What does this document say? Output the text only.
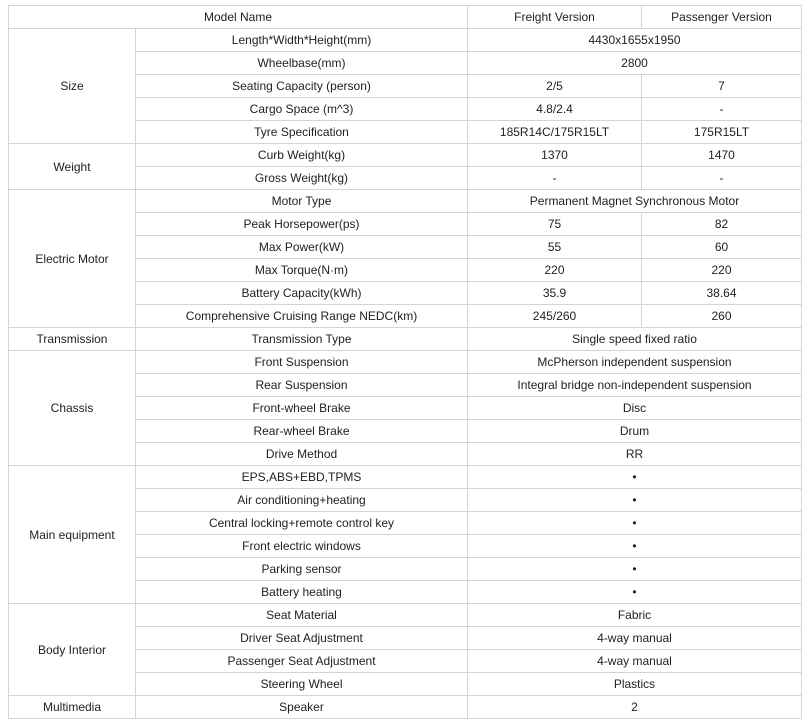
Model Name		Freight Version	Passenger Version
Size	Length*Width*Height(mm)	4430x1655x1950	
	Wheelbase(mm)	2800	
	Seating Capacity (person)	2/5	7
	Cargo Space (m^3)	4.8/2.4	-
	Tyre Specification	185R14C/175R15LT	175R15LT
Weight	Curb Weight(kg)	1370	1470
	Gross Weight(kg)	-	-
Electric Motor	Motor Type	Permanent Magnet Synchronous Motor	
	Peak Horsepower(ps)	75	82
	Max Power(kW)	55	60
	Max Torque(N·m)	220	220
	Battery Capacity(kWh)	35.9	38.64
	Comprehensive Cruising Range NEDC(km)	245/260	260
Transmission	Transmission Type	Single speed fixed ratio	
Chassis	Front Suspension	McPherson independent suspension	
	Rear Suspension	Integral bridge non-independent suspension	
	Front-wheel Brake	Disc	
	Rear-wheel Brake	Drum	
	Drive Method	RR	
Main equipment	EPS,ABS+EBD,TPMS	•	
	Air conditioning+heating	•	
	Central locking+remote control key	•	
	Front electric windows	•	
	Parking sensor	•	
	Battery heating	•	
Body Interior	Seat Material	Fabric	
	Driver Seat Adjustment	4-way manual	
	Passenger Seat Adjustment	4-way manual	
	Steering Wheel	Plastics	
Multimedia	Speaker	2	
